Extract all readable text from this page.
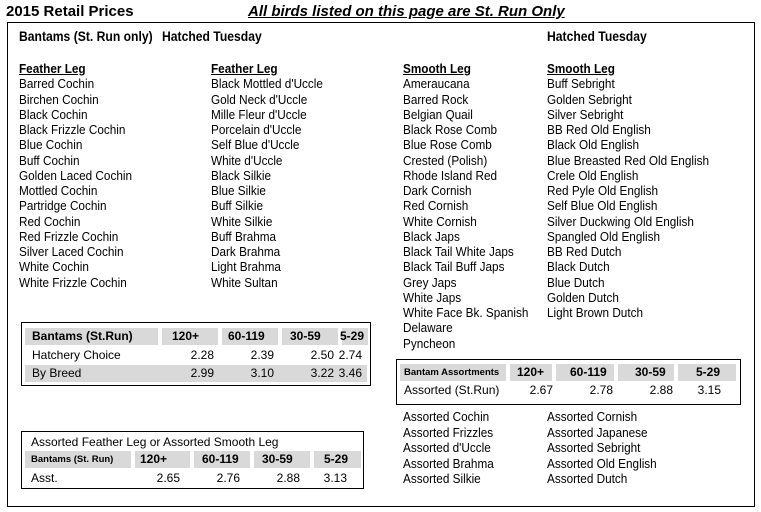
2015 Retail Prices	All birds listed on this page are St. Run Only
Bantams (St. Run only) Hatched Tuesday	Hatched Tuesday
Feather Leg
Barred Cochin
Birchen Cochin
Black Cochin
Black Frizzle Cochin
Blue Cochin
Buff Cochin
Golden Laced Cochin
Mottled Cochin
Partridge Cochin
Red Cochin
Red Frizzle Cochin
Silver Laced Cochin
White Cochin
White Frizzle Cochin
Feather Leg
Black Mottled d'Uccle
Gold Neck d'Uccle
Mille Fleur d'Uccle
Porcelain d'Uccle
Self Blue d'Uccle
White d'Uccle
Black Silkie
Blue Silkie
Buff Silkie
White Silkie
Buff Brahma
Dark Brahma
Light Brahma
White Sultan
Smooth Leg
Ameraucana
Barred Rock
Belgian Quail
Black Rose Comb
Blue Rose Comb
Crested (Polish)
Rhode Island Red
Dark Cornish
Red Cornish
White Cornish
Black Japs
Black Tail White Japs
Black Tail Buff Japs
Grey Japs
White Japs
White Face Bk. Spanish
Delaware
Pyncheon
Smooth Leg
Buff Sebright
Golden Sebright
Silver Sebright
BB Red Old English
Black Old English
Blue Breasted Red Old English
Crele Old English
Red Pyle Old English
Self Blue Old English
Silver Duckwing Old English
Spangled Old English
BB Red Dutch
Black Dutch
Blue Dutch
Golden Dutch
Light Brown Dutch
Bantams (St.Run)	120+ 60-119 30-59 5-29
Hatchery Choice	2.28	2.39	2.50 2.74
By Breed	2.99	3.10	3.22 3.46
Assorted Feather Leg or Assorted Smooth Leg
Bantams (St. Run) 120+	60-119 30-59	5-29
Asst.	2.65	2.76	2.88	3.13
Bantam Assortments 120+ 60-119 30-59	5-29
Assorted (St.Run)	2.67	2.78	2.88	3.15
Assorted Cochin
Assorted Frizzles
Assorted d'Uccle
Assorted Brahma
Assorted Silkie
Assorted Cornish
Assorted Japanese
Assorted Sebright
Assorted Old English
Assorted Dutch
